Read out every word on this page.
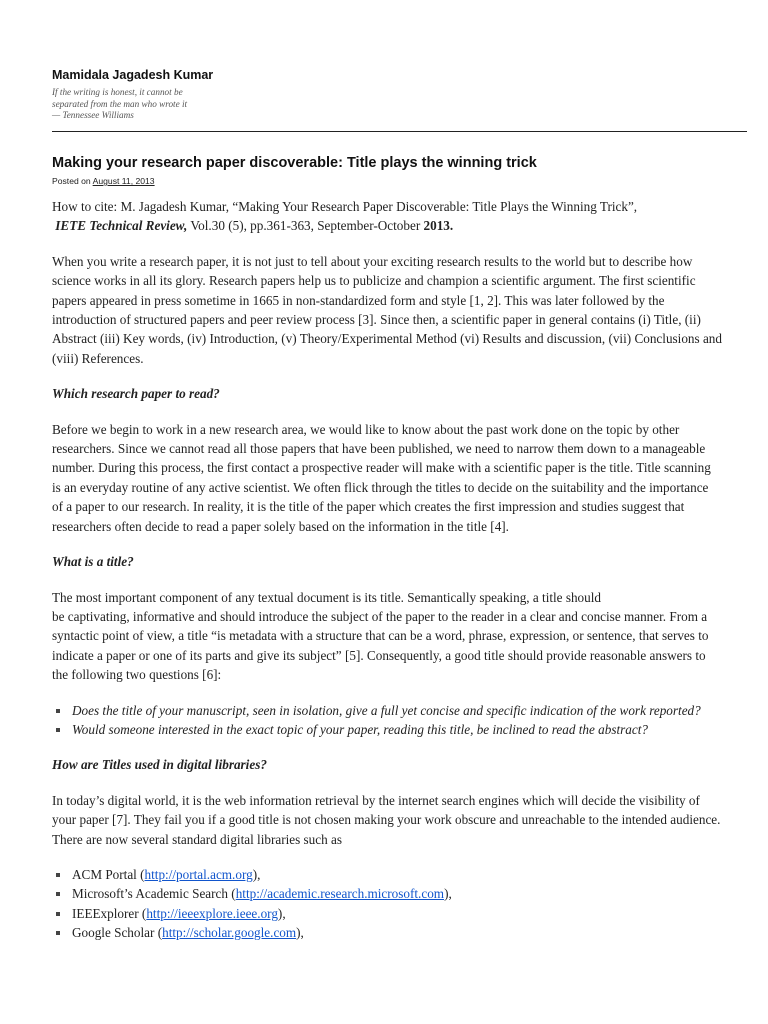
Mamidala Jagadesh Kumar
If the writing is honest, it cannot be
separated from the man who wrote it
— Tennessee Williams
Making your research paper discoverable: Title plays the winning trick
Posted on August 11, 2013

How to cite: M. Jagadesh Kumar, “Making Your Research Paper Discoverable: Title Plays the Winning Trick”,
IETE Technical Review, Vol.30 (5), pp.361-363, September-October 2013.

When you write a research paper, it is not just to tell about your exciting research results to the world but to describe how science works in all its glory. Research papers help us to publicize and champion a scientific argument. The first scientific papers appeared in press sometime in 1665 in non-standardized form and style [1, 2]. This was later followed by the introduction of structured papers and peer review process [3]. Since then, a scientific paper in general contains (i) Title, (ii) Abstract (iii) Key words, (iv) Introduction, (v) Theory/Experimental Method (vi) Results and discussion, (vii) Conclusions and (viii) References.

Which research paper to read?

Before we begin to work in a new research area, we would like to know about the past work done on the topic by other researchers. Since we cannot read all those papers that have been published, we need to narrow them down to a manageable number. During this process, the first contact a prospective reader will make with a scientific paper is the title. Title scanning is an everyday routine of any active scientist. We often flick through the titles to decide on the suitability and the importance of a paper to our research. In reality, it is the title of the paper which creates the first impression and studies suggest that researchers often decide to read a paper solely based on the information in the title [4].

What is a title?

The most important component of any textual document is its title. Semantically speaking, a title should
be captivating, informative and should introduce the subject of the paper to the reader in a clear and concise manner. From a syntactic point of view, a title “is metadata with a structure that can be a word, phrase, expression, or sentence, that serves to indicate a paper or one of its parts and give its subject” [5]. Consequently, a good title should provide reasonable answers to the following two questions [6]:

Does the title of your manuscript, seen in isolation, give a full yet concise and specific indication of the work reported?
Would someone interested in the exact topic of your paper, reading this title, be inclined to read the abstract?
How are Titles used in digital libraries?

In today’s digital world, it is the web information retrieval by the internet search engines which will decide the visibility of your paper [7]. They fail you if a good title is not chosen making your work obscure and unreachable to the intended audience. There are now several standard digital libraries such as

ACM Portal (http://portal.acm.org),
Microsoft’s Academic Search (http://academic.research.microsoft.com),
IEEExplorer (http://ieeexplore.ieee.org),
Google Scholar (http://scholar.google.com),
